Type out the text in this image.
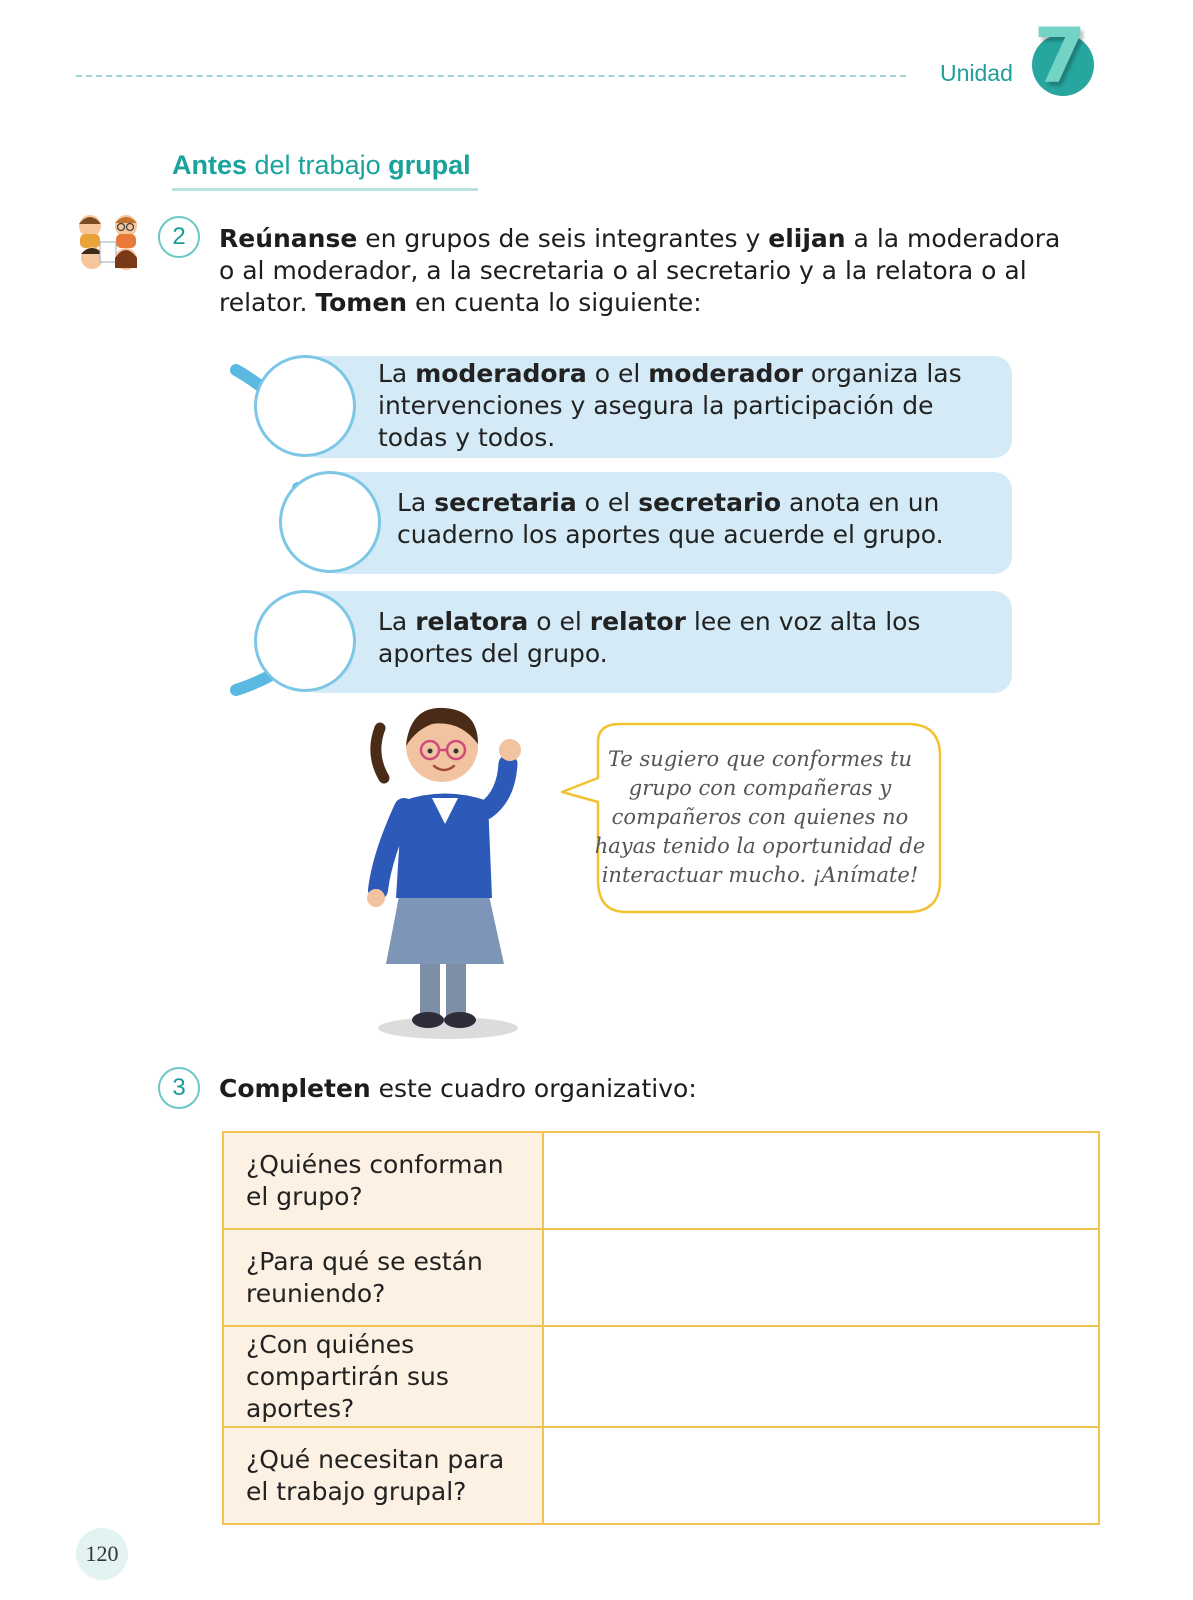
Unidad 7
Antes del trabajo grupal
2	Reúnanse en grupos de seis integrantes y elijan a la moderadora o al moderador, a la secretaria o al secretario y a la relatora o al relator. Tomen en cuenta lo siguiente:
La moderadora o el moderador organiza las intervenciones y asegura la participación de todas y todos.
La secretaria o el secretario anota en un cuaderno los aportes que acuerde el grupo.
La relatora o el relator lee en voz alta los aportes del grupo.
Te sugiero que conformes tu grupo con compañeras y compañeros con quienes no hayas tenido la oportunidad de interactuar mucho. ¡Anímate!
3	Completen este cuadro organizativo:
¿Quiénes conforman el grupo?	
¿Para qué se están reuniendo?	
¿Con quiénes compartirán sus aportes?	
¿Qué necesitan para el trabajo grupal?	
120
